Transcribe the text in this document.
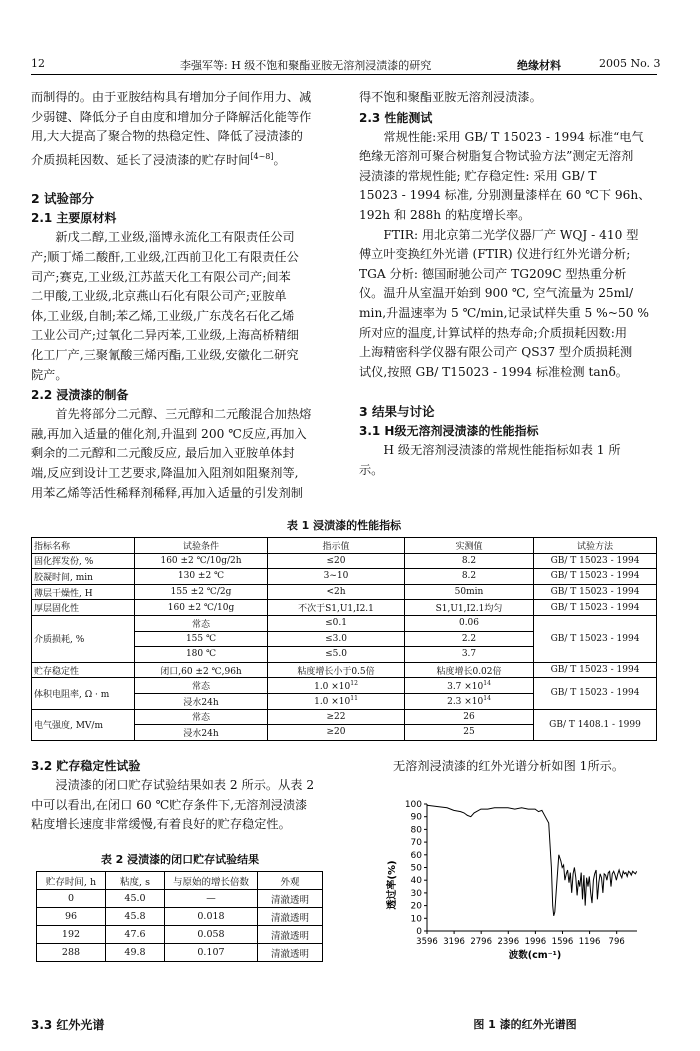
12	李强军等: H 级不饱和聚酯亚胺无溶剂浸渍漆的研究	绝缘材料	2005 No. 3

而制得的。由于亚胺结构具有增加分子间作用力、减

少弱键、降低分子自由度和增加分子降解活化能等作

用,大大提高了聚合物的热稳定性、降低了浸渍漆的

介质损耗因数、延长了浸渍漆的贮存时间[4~8]。

2 试验部分
2.1 主要原材料

新戊二醇,工业级,淄博永流化工有限责任公司

产;顺丁烯二酸酐,工业级,江西前卫化工有限责任公

司产;赛克,工业级,江苏蓝天化工有限公司产;间苯

二甲酸,工业级,北京燕山石化有限公司产;亚胺单

体,工业级,自制;苯乙烯,工业级,广东茂名石化乙烯

工业公司产;过氧化二异丙苯,工业级,上海高桥精细

化工厂产,三聚氰酸三烯丙酯,工业级,安徽化二研究

院产。

2.2 浸渍漆的制备

首先将部分二元醇、三元醇和二元酸混合加热熔

融,再加入适量的催化剂,升温到 200 ℃反应,再加入

剩余的二元醇和二元酸反应, 最后加入亚胺单体封

端,反应到设计工艺要求,降温加入阻剂如阻聚剂等,

用苯乙烯等活性稀释剂稀释,再加入适量的引发剂制

得不饱和聚酯亚胺无溶剂浸渍漆。

2.3 性能测试

常规性能:采用 GB/ T 15023 - 1994 标准“电气

绝缘无溶剂可聚合树脂复合物试验方法”测定无溶剂

浸渍漆的常规性能; 贮存稳定性: 采用 GB/ T

15023 - 1994 标准, 分别测量漆样在 60 ℃下 96h、

192h 和 288h 的粘度增长率。

FTIR: 用北京第二光学仪器厂产 WQJ - 410 型

傅立叶变换红外光谱 (FTIR) 仪进行红外光谱分析;

TGA 分析: 德国耐驰公司产 TG209C 型热重分析

仪。温升从室温开始到 900 ℃, 空气流量为 25ml/

min,升温速率为 5 ℃/min,记录试样失重 5 %~50 %

所对应的温度,计算试样的热寿命;介质损耗因数:用

上海精密科学仪器有限公司产 QS37 型介质损耗测

试仪,按照 GB/ T15023 - 1994 标准检测 tanδ。

3 结果与讨论
3.1 H级无溶剂浸渍漆的性能指标

H 级无溶剂浸渍漆的常规性能指标如表 1 所

示。

表 1 浸渍漆的性能指标
指标名称	试验条件	指示值	实测值	试验方法
固化挥发份, %	160 ±2 ℃/10g/2h	≤20	8.2	GB/ T 15023 - 1994
胶凝时间, min	130 ±2 ℃	3~10	8.2	GB/ T 15023 - 1994
薄层干燥性, H	155 ±2 ℃/2g	<2h	50min	GB/ T 15023 - 1994
厚层固化性	160 ±2 ℃/10g	不次于S1,U1,I2.1	S1,U1,I2.1均匀	GB/ T 15023 - 1994
介质损耗, %	常态	≤0.1	0.06	GB/ T 15023 - 1994
	155 ℃	≤3.0	2.2	
	180 ℃	≤5.0	3.7	
贮存稳定性	闭口,60 ±2 ℃,96h	粘度增长小于0.5倍	粘度增长0.02倍	GB/ T 15023 - 1994
体积电阻率, Ω · m	常态	$1.0 \times 10^{12}$	$3.7 \times 10^{14}$	GB/ T 15023 - 1994
	浸水24h	$1.0 \times 10^{11}$	$2.3 \times 10^{14}$
电气强度, MV/m	常态	≥22	26	GB/ T 1408.1 - 1999
	浸水24h	≥20	25	
3.2 贮存稳定性试验

浸渍漆的闭口贮存试验结果如表 2 所示。从表 2

中可以看出,在闭口 60 ℃贮存条件下,无溶剂浸渍漆

粘度增长速度非常缓慢,有着良好的贮存稳定性。

表 2 浸渍漆的闭口贮存试验结果
贮存时间, h	粘度, s	与原始的增长倍数	外观
0	45.0	—	清澈透明
96	45.8	0.018	清澈透明
192	47.6	0.058	清澈透明
288	49.8	0.107	清澈透明
3.3 红外光谱
无溶剂浸渍漆的红外光谱分析如图 1所示。
透过率(%)
0
10
20
30
40
50
60
70
80
90
100
3596 3196 2796 2396 1996 1596 1196 796
波数(cm⁻¹)
图 1 漆的红外光谱图
